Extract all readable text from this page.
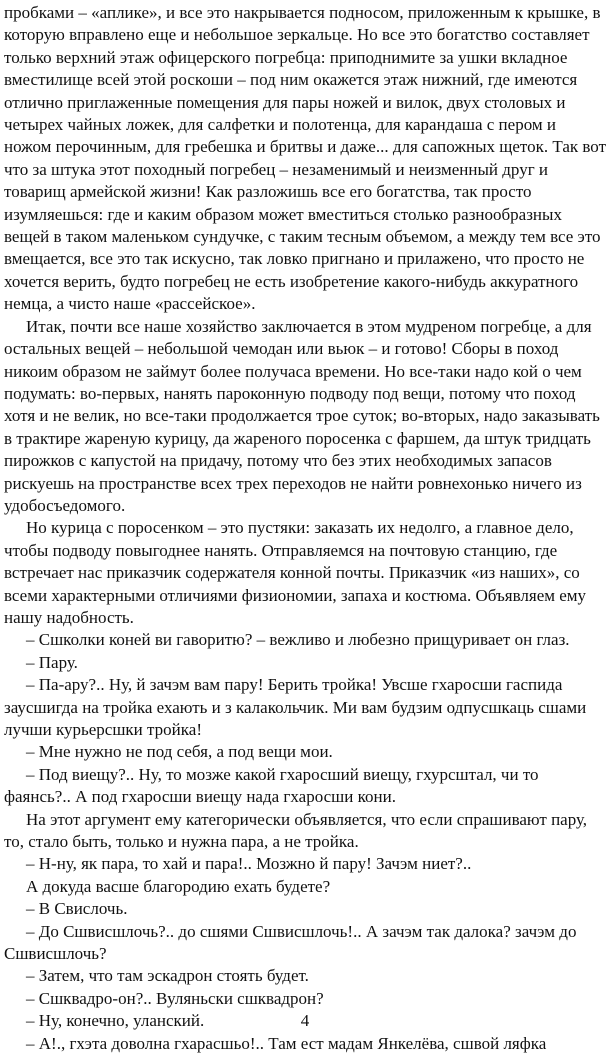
пробками – «аплике», и все это накрывается подносом, приложенным к крышке, в которую вправлено еще и небольшое зеркальце. Но все это богатство составляет только верхний этаж офицерского погребца: приподнимите за ушки вкладное вместилище всей этой роскоши – под ним окажется этаж нижний, где имеются отлично приглаженные помещения для пары ножей и вилок, двух столовых и четырех чайных ложек, для салфетки и полотенца, для карандаша с пером и ножом перочинным, для гребешка и бритвы и даже... для сапожных щеток. Так вот что за штука этот походный погребец – незаменимый и неизменный друг и товарищ армейской жизни! Как разложишь все его богатства, так просто изумляешься: где и каким образом может вместиться столько разнообразных вещей в таком маленьком сундучке, с таким тесным объемом, а между тем все это вмещается, все это так искусно, так ловко пригнано и прилажено, что просто не хочется верить, будто погребец не есть изобретение какого-нибудь аккуратного немца, а чисто наше «рассейское».

Итак, почти все наше хозяйство заключается в этом мудреном погребце, а для остальных вещей – небольшой чемодан или вьюк – и готово! Сборы в поход никоим образом не займут более получаса времени. Но все-таки надо кой о чем подумать: во-первых, нанять пароконную подводу под вещи, потому что поход хотя и не велик, но все-таки продолжается трое суток; во-вторых, надо заказывать в трактире жареную курицу, да жареного поросенка с фаршем, да штук тридцать пирожков с капустой на придачу, потому что без этих необходимых запасов рискуешь на пространстве всех трех переходов не найти ровнехонько ничего из удобосъедомого.

Но курица с поросенком – это пустяки: заказать их недолго, а главное дело, чтобы подводу повыгоднее нанять. Отправляемся на почтовую станцию, где встречает нас приказчик содержателя конной почты. Приказчик «из наших», со всеми характерными отличиями физиономии, запаха и костюма. Объявляем ему нашу надобность.

– Сшколки коней ви гаворитю? – вежливо и любезно прищуривает он глаз.

– Пару.

– Па-ару?.. Ну, й зачэм вам пару! Берить тройка! Увсше гхаросши гаспида заусшигда на тройка ехають и з калакольчик. Ми вам будзим одпусшкаць сшами лучши курьерсшки тройка!

– Мне нужно не под себя, а под вещи мои.

– Под виещу?.. Ну, то мозже какой гхаросший виещу, гхурсштал, чи то фаянсь?.. А под гхаросши виещу нада гхаросши кони.

На этот аргумент ему категорически объявляется, что если спрашивают пару, то, стало быть, только и нужна пара, а не тройка.

– Н-ну, як пара, то хай и пара!.. Мозжно й пару! Зачэм ниет?..

А докуда васше благородию ехать будете?

– В Свислочь.

– До Сшвисшлочь?.. до сшями Сшвисшлочь!.. А зачэм так далока? зачэм до Сшвисшлочь?

– Затем, что там эскадрон стоять будет.

– Сшквадро-он?.. Вуляньски сшквадрон?

– Ну, конечно, уланский.

– А!., гхэта доволна гхарасшьо!.. Там ест мадам Янкелёва, сшвой ляфка

4
